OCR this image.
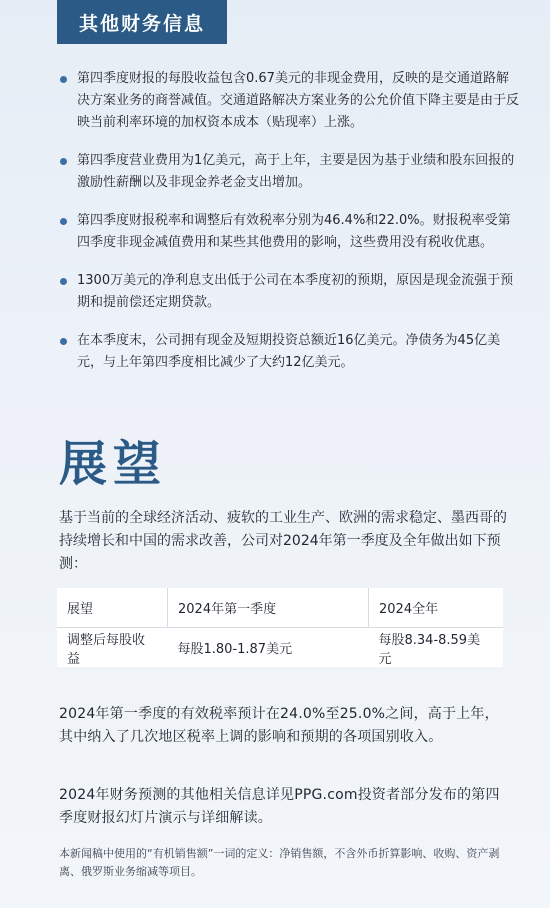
其他财务信息
第四季度财报的每股收益包含0.67美元的非现金费用，反映的是交通道路解决方案业务的商誉减值。交通道路解决方案业务的公允价值下降主要是由于反映当前利率环境的加权资本成本（贴现率）上涨。
第四季度营业费用为1亿美元，高于上年，主要是因为基于业绩和股东回报的激励性薪酬以及非现金养老金支出增加。
第四季度财报税率和调整后有效税率分别为46.4%和22.0%。财报税率受第四季度非现金减值费用和某些其他费用的影响，这些费用没有税收优惠。
1300万美元的净利息支出低于公司在本季度初的预期，原因是现金流强于预期和提前偿还定期贷款。
在本季度末，公司拥有现金及短期投资总额近16亿美元。净债务为45亿美元，与上年第四季度相比减少了大约12亿美元。
展望
基于当前的全球经济活动、疲软的工业生产、欧洲的需求稳定、墨西哥的持续增长和中国的需求改善，公司对2024年第一季度及全年做出如下预测：
展望	2024年第一季度	2024全年
调整后每股收益	每股1.80-1.87美元	每股8.34-8.59美元
2024年第一季度的有效税率预计在24.0%至25.0%之间，高于上年，其中纳入了几次地区税率上调的影响和预期的各项国别收入。
2024年财务预测的其他相关信息详见PPG.com投资者部分发布的第四季度财报幻灯片演示与详细解读。
本新闻稿中使用的“有机销售额”一词的定义：净销售额，不含外币折算影响、收购、资产剥离、俄罗斯业务缩减等项目。
